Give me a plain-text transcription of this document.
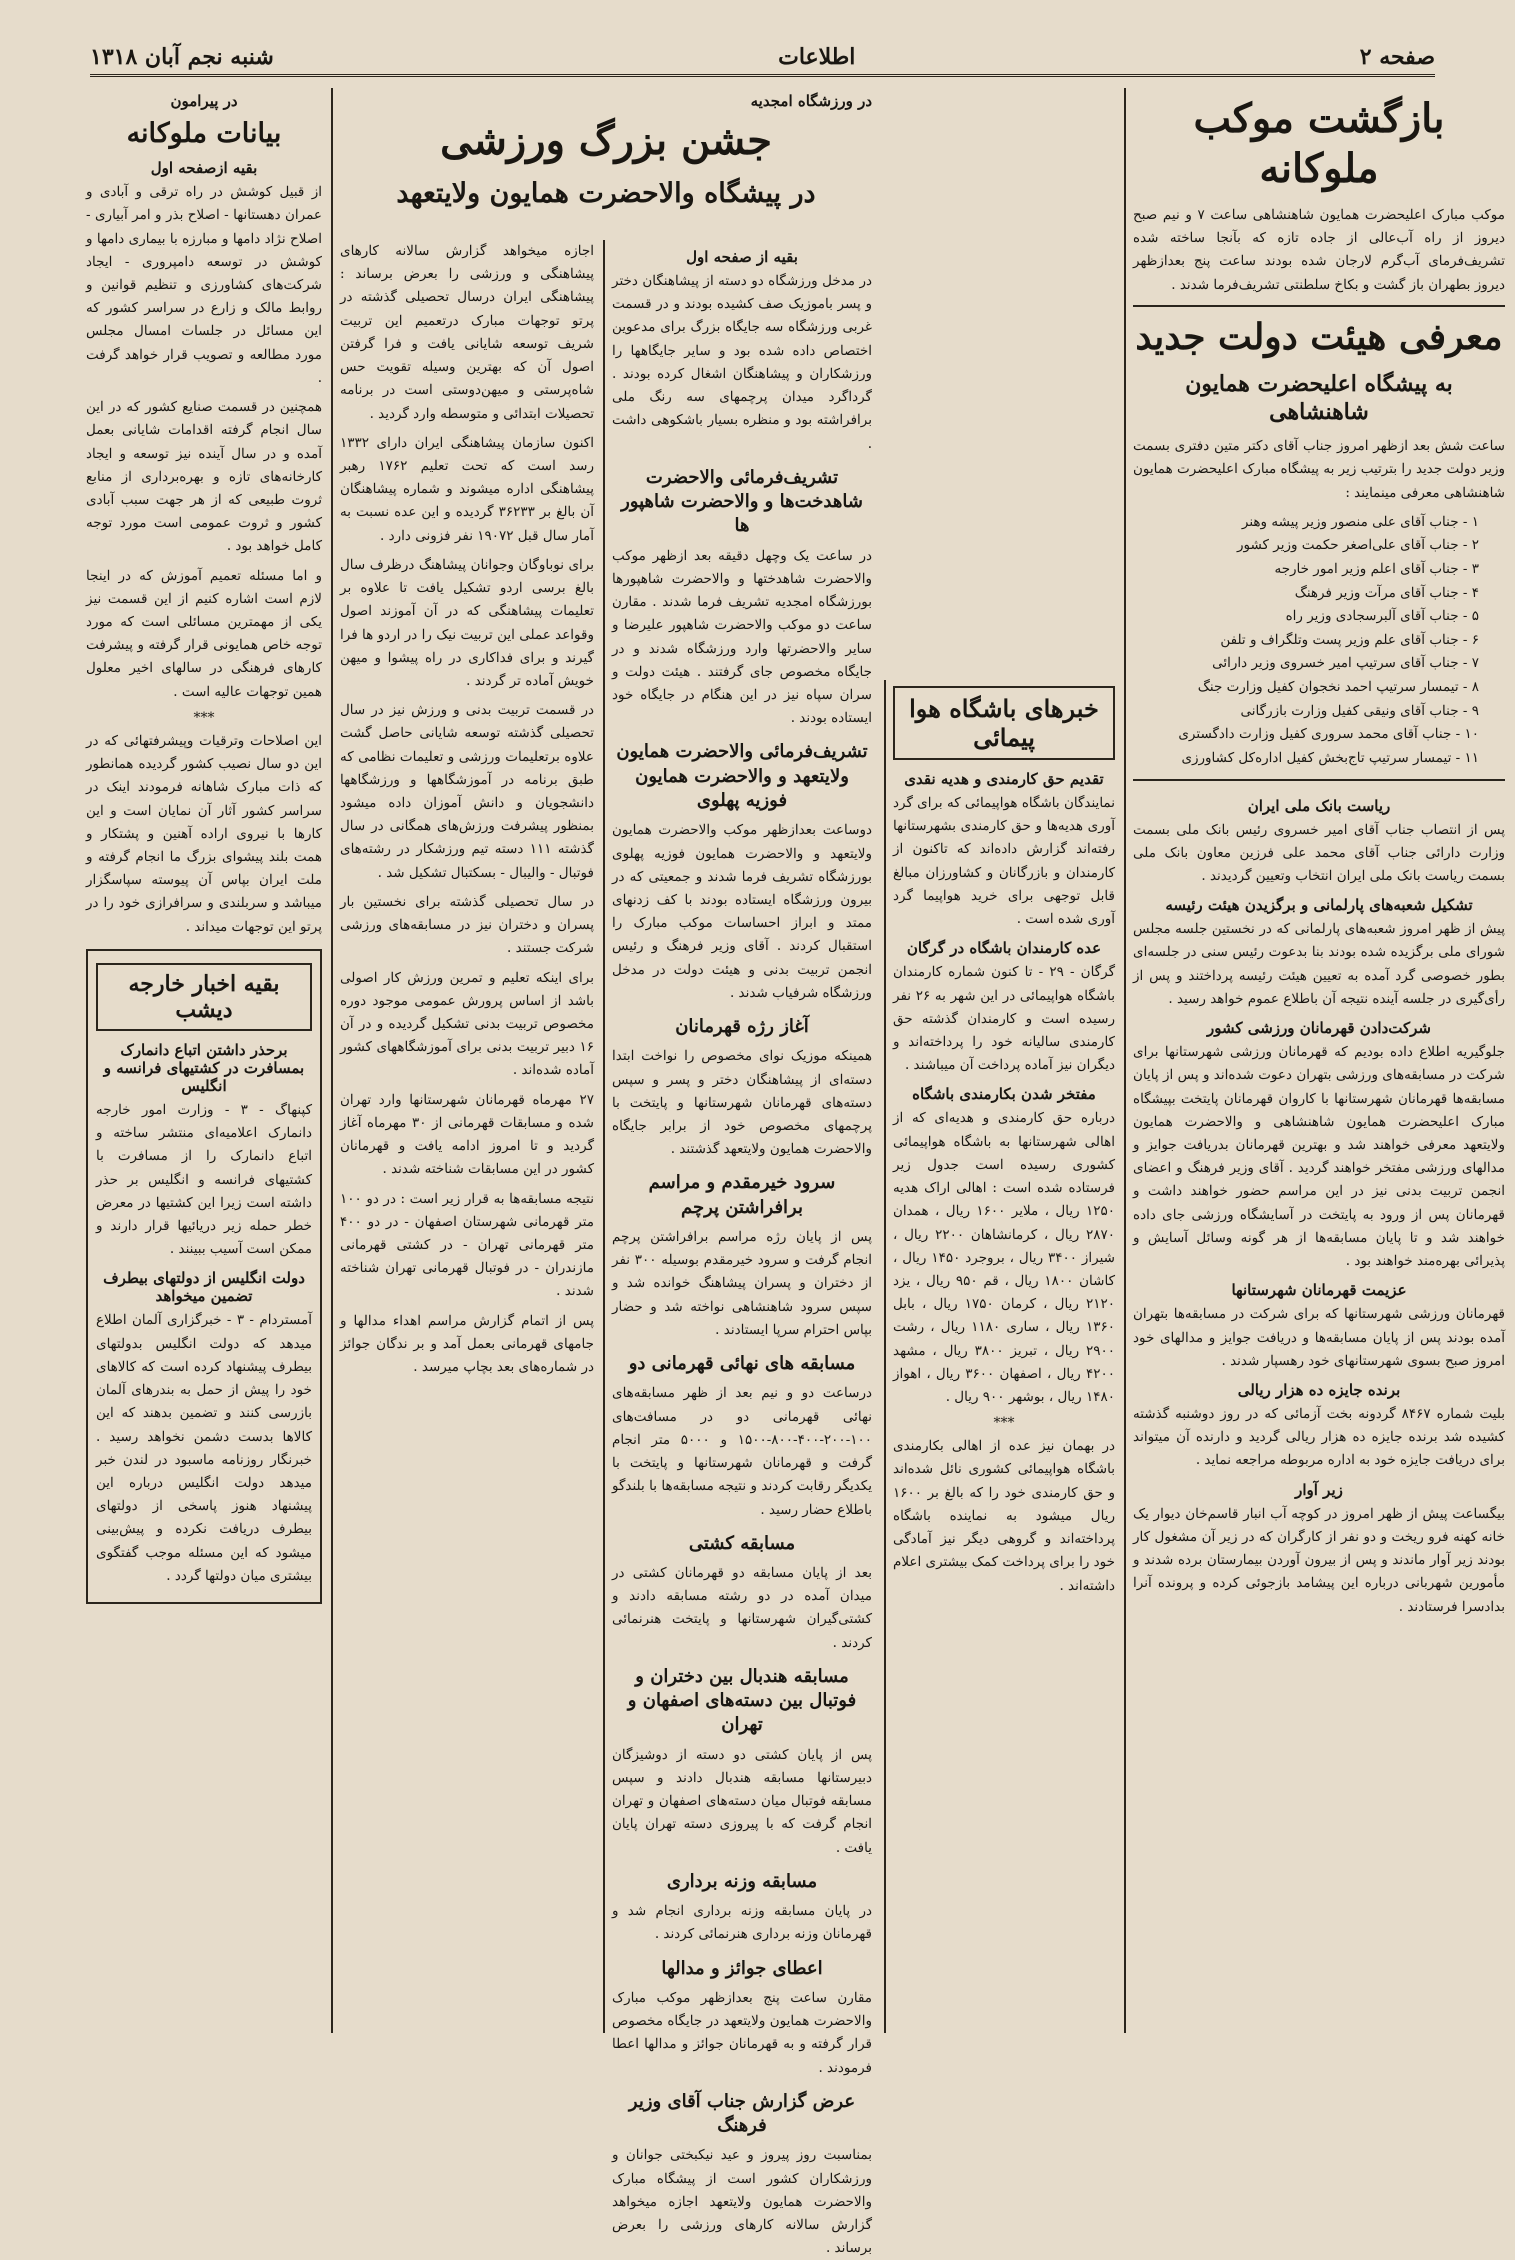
صفحه ۲
اطلاعات
شنبه نجم آبان ۱۳۱۸
بازگشت موکب ملوکانه

موکب مبارک اعلیحضرت همایون شاهنشاهی ساعت ۷ و نیم صبح دیروز از راه آب‌عالی از جاده تازه که بآنجا ساخته شده تشریف‌فرمای آب‌گرم لارجان شده بودند ساعت پنج بعدازظهر دیروز بطهران باز گشت و بکاخ سلطنتی تشریف‌فرما شدند .

معرفی هیئت دولت جدید
به پیشگاه اعلیحضرت همایون شاهنشاهی

ساعت شش بعد ازظهر امروز جناب آقای دکتر متین دفتری بسمت وزیر دولت جدید را بترتیب زیر به پیشگاه مبارک اعلیحضرت همایون شاهنشاهی معرفی مینمایند :

۱ - جناب آقای علی منصور وزیر پیشه وهنر
۲ - جناب آقای علی‌اصغر حکمت وزیر کشور
۳ - جناب آقای اعلم وزیر امور خارجه
۴ - جناب آقای مرآت وزیر فرهنگ
۵ - جناب آقای آلبرسجادی وزیر راه
۶ - جناب آقای علم وزیر پست وتلگراف و تلفن
۷ - جناب آقای سرتیپ امیر خسروی وزیر دارائی
۸ - تیمسار سرتیپ احمد نخجوان کفیل وزارت جنگ
۹ - جناب آقای ونیقی کفیل وزارت بازرگانی
۱۰ - جناب آقای محمد سروری کفیل وزارت دادگستری
۱۱ - تیمسار سرتیپ تاج‌بخش کفیل اداره‌کل کشاورزی
ریاست بانک ملی ایران

پس از انتصاب جناب آقای امیر خسروی رئیس بانک ملی بسمت وزارت دارائی جناب آقای محمد علی فرزین معاون بانک ملی بسمت ریاست بانک ملی ایران انتخاب وتعیین گردیدند .

تشکیل شعبه‌های پارلمانی و برگزیدن هیئت رئیسه

پیش از ظهر امروز شعبه‌های پارلمانی که در نخستین جلسه مجلس شورای ملی برگزیده شده بودند بنا بدعوت رئیس سنی در جلسه‌ای بطور خصوصی گرد آمده به تعیین هیئت رئیسه پرداختند و پس از رأی‌گیری در جلسه آینده نتیجه آن باطلاع عموم خواهد رسید .

شرکت‌دادن قهرمانان ورزشی کشور

جلوگیریه اطلاع داده بودیم که قهرمانان ورزشی شهرستانها برای شرکت در مسابقه‌های ورزشی بتهران دعوت شده‌اند و پس از پایان مسابقه‌ها قهرمانان شهرستانها با کاروان قهرمانان پایتخت بپیشگاه مبارک اعلیحضرت همایون شاهنشاهی و والاحضرت همایون ولایتعهد معرفی خواهند شد و بهترین قهرمانان بدریافت جوایز و مدالهای ورزشی مفتخر خواهند گردید . آقای وزیر فرهنگ و اعضای انجمن تربیت بدنی نیز در این مراسم حضور خواهند داشت و قهرمانان پس از ورود به پایتخت در آسایشگاه ورزشی جای داده خواهند شد و تا پایان مسابقه‌ها از هر گونه وسائل آسایش و پذیرائی بهره‌مند خواهند بود .

عزیمت قهرمانان شهرستانها

قهرمانان ورزشی شهرستانها که برای شرکت در مسابقه‌ها بتهران آمده بودند پس از پایان مسابقه‌ها و دریافت جوایز و مدالهای خود امروز صبح بسوی شهرستانهای خود رهسپار شدند .

برنده جایزه ده هزار ریالی

بلیت شماره ۸۴۶۷ گردونه بخت آزمائی که در روز دوشنبه گذشته کشیده شد برنده جایزه ده هزار ریالی گردید و دارنده آن میتواند برای دریافت جایزه خود به اداره مربوطه مراجعه نماید .

زیر آوار

بیگساعت پیش از ظهر امروز در کوچه آب انبار قاسم‌خان دیوار یک خانه کهنه فرو ریخت و دو نفر از کارگران که در زیر آن مشغول کار بودند زیر آوار ماندند و پس از بیرون آوردن بیمارستان برده شدند و مأمورین شهربانی درباره این پیشامد بازجوئی کرده و پرونده آنرا بدادسرا فرستادند .

خبرهای باشگاه هوا پیمائی
تقدیم حق کارمندی و هدیه نقدی

نمایندگان باشگاه هواپیمائی که برای گرد آوری هدیه‌ها و حق کارمندی بشهرستانها رفته‌اند گزارش داده‌اند که تاکنون از کارمندان و بازرگانان و کشاورزان مبالغ قابل توجهی برای خرید هواپیما گرد آوری شده است .

عده کارمندان باشگاه در گرگان

گرگان - ۲۹ - تا کنون شماره کارمندان باشگاه هواپیمائی در این شهر به ۲۶ نفر رسیده است و کارمندان گذشته حق کارمندی سالیانه خود را پرداخته‌اند و دیگران نیز آماده پرداخت آن میباشند .

مفتخر شدن بکارمندی باشگاه

درباره حق کارمندی و هدیه‌ای که از اهالی شهرستانها به باشگاه هواپیمائی کشوری رسیده است جدول زیر فرستاده شده است : اهالی اراک هدیه ۱۲۵۰ ریال ، ملایر ۱۶۰۰ ریال ، همدان ۲۸۷۰ ریال ، کرمانشاهان ۲۲۰۰ ریال ، شیراز ۳۴۰۰ ریال ، بروجرد ۱۴۵۰ ریال ، کاشان ۱۸۰۰ ریال ، قم ۹۵۰ ریال ، یزد ۲۱۲۰ ریال ، کرمان ۱۷۵۰ ریال ، بابل ۱۳۶۰ ریال ، ساری ۱۱۸۰ ریال ، رشت ۲۹۰۰ ریال ، تبریز ۳۸۰۰ ریال ، مشهد ۴۲۰۰ ریال ، اصفهان ۳۶۰۰ ریال ، اهواز ۱۴۸۰ ریال ، بوشهر ۹۰۰ ریال .

***

در بهمان نیز عده از اهالی بکارمندی باشگاه هواپیمائی کشوری نائل شده‌اند و حق کارمندی خود را که بالغ بر ۱۶۰۰ ریال میشود به نماینده باشگاه پرداخته‌اند و گروهی دیگر نیز آمادگی خود را برای پرداخت کمک بیشتری اعلام داشته‌اند .

در ورزشگاه امجدیه
جشن بزرگ ورزشی
در پیشگاه والاحضرت همایون ولایتعهد
بقیه از صفحه اول

در مدخل ورزشگاه دو دسته از پیشاهنگان دختر و پسر باموزیک صف کشیده بودند و در قسمت غربی ورزشگاه سه جایگاه بزرگ برای مدعوین اختصاص داده شده بود و سایر جایگاهها را ورزشکاران و پیشاهنگان اشغال کرده بودند . گرداگرد میدان پرچمهای سه رنگ ملی برافراشته بود و منظره بسیار باشکوهی داشت .

تشریف‌فرمائی والاحضرت شاهدخت‌ها و والاحضرت شاهپور ها

در ساعت یک وچهل دقیقه بعد ازظهر موکب والاحضرت شاهدختها و والاحضرت شاهپورها بورزشگاه امجدیه تشریف فرما شدند . مقارن ساعت دو موکب والاحضرت شاهپور علیرضا و سایر والاحضرتها وارد ورزشگاه شدند و در جایگاه مخصوص جای گرفتند . هیئت دولت و سران سپاه نیز در این هنگام در جایگاه خود ایستاده بودند .

تشریف‌فرمائی والاحضرت همایون ولایتعهد و والاحضرت همایون فوزیه پهلوی

دوساعت بعدازظهر موکب والاحضرت همایون ولایتعهد و والاحضرت همایون فوزیه پهلوی بورزشگاه تشریف فرما شدند و جمعیتی که در بیرون ورزشگاه ایستاده بودند با کف زدنهای ممتد و ابراز احساسات موکب مبارک را استقبال کردند . آقای وزیر فرهنگ و رئیس انجمن تربیت بدنی و هیئت دولت در مدخل ورزشگاه شرفیاب شدند .

آغاز رژه قهرمانان

همینکه موزیک نوای مخصوص را نواخت ابتدا دسته‌ای از پیشاهنگان دختر و پسر و سپس دسته‌های قهرمانان شهرستانها و پایتخت با پرچمهای مخصوص خود از برابر جایگاه والاحضرت همایون ولایتعهد گذشتند .

سرود خیرمقدم و مراسم برافراشتن پرچم

پس از پایان رژه مراسم برافراشتن پرچم انجام گرفت و سرود خیرمقدم بوسیله ۳۰۰ نفر از دختران و پسران پیشاهنگ خوانده شد و سپس سرود شاهنشاهی نواخته شد و حضار بپاس احترام سرپا ایستادند .

مسابقه های نهائی قهرمانی دو

درساعت دو و نیم بعد از ظهر مسابقه‌های نهائی قهرمانی دو در مسافت‌های ۱۰۰-۲۰۰-۴۰۰-۸۰۰-۱۵۰۰ و ۵۰۰۰ متر انجام گرفت و قهرمانان شهرستانها و پایتخت با یکدیگر رقابت کردند و نتیجه مسابقه‌ها با بلندگو باطلاع حضار رسید .

مسابقه کشتی

بعد از پایان مسابقه دو قهرمانان کشتی در میدان آمده در دو رشته مسابقه دادند و کشتی‌گیران شهرستانها و پایتخت هنرنمائی کردند .

مسابقه هندبال بین دختران و فوتبال بین دسته‌های اصفهان و تهران

پس از پایان کشتی دو دسته از دوشیزگان دبیرستانها مسابقه هندبال دادند و سپس مسابقه فوتبال میان دسته‌های اصفهان و تهران انجام گرفت که با پیروزی دسته تهران پایان یافت .

مسابقه وزنه برداری

در پایان مسابقه وزنه برداری انجام شد و قهرمانان وزنه برداری هنرنمائی کردند .

اعطای جوائز و مدالها

مقارن ساعت پنج بعدازظهر موکب مبارک والاحضرت همایون ولایتعهد در جایگاه مخصوص قرار گرفته و به قهرمانان جوائز و مدالها اعطا فرمودند .

عرض گزارش جناب آقای وزیر فرهنگ

بمناسبت روز پیروز و عید نیکبختی جوانان و ورزشکاران کشور است از پیشگاه مبارک والاحضرت همایون ولایتعهد اجازه میخواهد گزارش سالانه کارهای ورزشی را بعرض برساند .

اجازه میخواهد گزارش سالانه کارهای پیشاهنگی و ورزشی را بعرض برساند : پیشاهنگی ایران درسال تحصیلی گذشته در پرتو توجهات مبارک درتعمیم این تربیت شریف توسعه شایانی یافت و فرا گرفتن اصول آن که بهترین وسیله تقویت حس شاه‌پرستی و میهن‌دوستی است در برنامه تحصیلات ابتدائی و متوسطه وارد گردید .

اکنون سازمان پیشاهنگی ایران دارای ۱۳۳۲ رسد است که تحت تعلیم ۱۷۶۲ رهبر پیشاهنگی اداره میشوند و شماره پیشاهنگان آن بالغ بر ۳۶۲۳۳ گردیده و این عده نسبت به آمار سال قبل ۱۹۰۷۲ نفر فزونی دارد .

برای نوباوگان وجوانان پیشاهنگ درظرف سال بالغ برسی اردو تشکیل یافت تا علاوه بر تعلیمات پیشاهنگی که در آن آموزند اصول وقواعد عملی این تربیت نیک را در اردو ها فرا گیرند و برای فداکاری در راه پیشوا و میهن خویش آماده تر گردند .

در قسمت تربیت بدنی و ورزش نیز در سال تحصیلی گذشته توسعه شایانی حاصل گشت علاوه برتعلیمات ورزشی و تعلیمات نظامی که طبق برنامه در آموزشگاهها و ورزشگاهها دانشجویان و دانش آموزان داده میشود بمنظور پیشرفت ورزش‌های همگانی در سال گذشته ۱۱۱ دسته تیم ورزشکار در رشته‌های فوتبال - والیبال - بسکتبال تشکیل شد .

در سال تحصیلی گذشته برای نخستین بار پسران و دختران نیز در مسابقه‌های ورزشی شرکت جستند .

برای اینکه تعلیم و تمرین ورزش کار اصولی باشد از اساس پرورش عمومی موجود دوره مخصوص تربیت بدنی تشکیل گردیده و در آن ۱۶ دبیر تربیت بدنی برای آموزشگاههای کشور آماده شده‌اند .

۲۷ مهرماه قهرمانان شهرستانها وارد تهران شده و مسابقات قهرمانی از ۳۰ مهرماه آغاز گردید و تا امروز ادامه یافت و قهرمانان کشور در این مسابقات شناخته شدند .

نتیجه مسابقه‌ها به قرار زیر است : در دو ۱۰۰ متر قهرمانی شهرستان اصفهان - در دو ۴۰۰ متر قهرمانی تهران - در کشتی قهرمانی مازندران - در فوتبال قهرمانی تهران شناخته شدند .

پس از اتمام گزارش مراسم اهداء مدالها و جامهای قهرمانی بعمل آمد و بر ندگان جوائز در شماره‌های بعد بچاپ میرسد .

در پیرامون
بیانات ملوکانه
بقیه ازصفحه اول

از قبیل کوشش در راه ترقی و آبادی و عمران دهستانها - اصلاح بذر و امر آبیاری - اصلاح نژاد دامها و مبارزه با بیماری دامها و کوشش در توسعه دامپروری - ایجاد شرکت‌های کشاورزی و تنظیم قوانین و روابط مالک و زارع در سراسر کشور که این مسائل در جلسات امسال مجلس مورد مطالعه و تصویب قرار خواهد گرفت .

همچنین در قسمت صنایع کشور که در این سال انجام گرفته اقدامات شایانی بعمل آمده و در سال آینده نیز توسعه و ایجاد کارخانه‌های تازه و بهره‌برداری از منابع ثروت طبیعی که از هر جهت سبب آبادی کشور و ثروت عمومی است مورد توجه کامل خواهد بود .

و اما مسئله تعمیم آموزش که در اینجا لازم است اشاره کنیم از این قسمت نیز یکی از مهمترین مسائلی است که مورد توجه خاص همایونی قرار گرفته و پیشرفت کارهای فرهنگی در سالهای اخیر معلول همین توجهات عالیه است .

***

این اصلاحات وترقیات وپیشرفتهائی که در این دو سال نصیب کشور گردیده همانطور که ذات مبارک شاهانه فرمودند اینک در سراسر کشور آثار آن نمایان است و این کارها با نیروی اراده آهنین و پشتکار و همت بلند پیشوای بزرگ ما انجام گرفته و ملت ایران بپاس آن پیوسته سپاسگزار میباشد و سربلندی و سرافرازی خود را در پرتو این توجهات میداند .

بقیه اخبار خارجه دیشب
برحذر داشتن اتباع دانمارک بمسافرت در کشتیهای فرانسه و انگلیس

کپنهاگ - ۳ - وزارت امور خارجه دانمارک اعلامیه‌ای منتشر ساخته و اتباع دانمارک را از مسافرت با کشتیهای فرانسه و انگلیس بر حذر داشته است زیرا این کشتیها در معرض خطر حمله زیر دریائیها قرار دارند و ممکن است آسیب ببینند .

دولت انگلیس از دولتهای بیطرف تضمین میخواهد

آمستردام - ۳ - خبرگزاری آلمان اطلاع میدهد که دولت انگلیس بدولتهای بیطرف پیشنهاد کرده است که کالاهای خود را پیش از حمل به بندرهای آلمان بازرسی کنند و تضمین بدهند که این کالاها بدست دشمن نخواهد رسید . خبرنگار روزنامه ماسبود در لندن خبر میدهد دولت انگلیس درباره این پیشنهاد هنوز پاسخی از دولتهای بیطرف دریافت نکرده و پیش‌بینی میشود که این مسئله موجب گفتگوی بیشتری میان دولتها گردد .
